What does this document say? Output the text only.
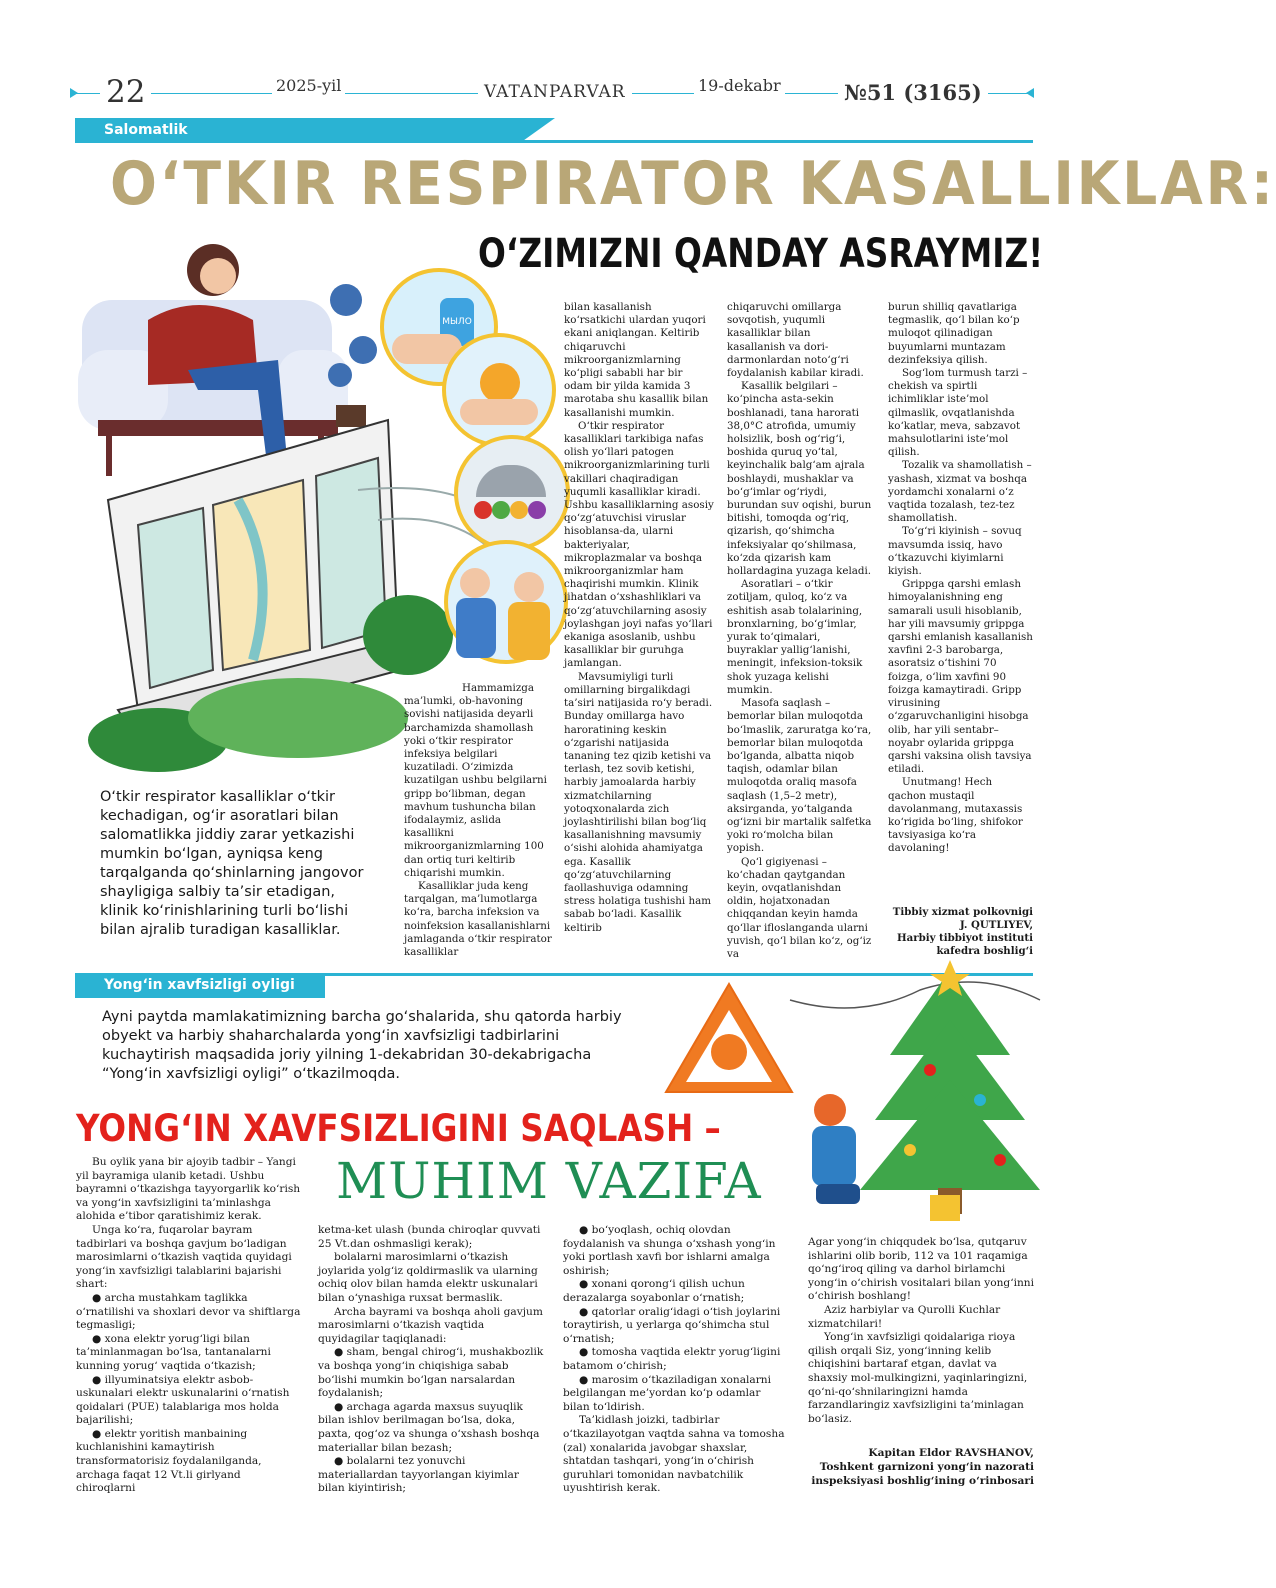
22	2025-yil	VATANPARVAR	19-dekabr	№51 (3165)
Salomatlik
O‘TKIR RESPIRATOR KASALLIKLAR:
O‘ZIMIZNI QANDAY ASRAYMIZ!
МЫЛО

Hammamizga ma’lumki, ob-havoning sovishi natijasida deyarli barchamizda shamollash yoki o‘tkir respirator infeksiya belgilari kuzatiladi. O‘zimizda kuzatilgan ushbu belgilarni gripp bo‘libman, degan mavhum tushuncha bilan ifodalaymiz, aslida kasallikni mikroorganizmlarning 100 dan ortiq turi keltirib chiqarishi mumkin.

Kasalliklar juda keng tarqalgan, ma’lumotlarga ko‘ra, barcha infeksion va noinfeksion kasallanishlarni jamlaganda o‘tkir respirator kasalliklar

bilan kasallanish ko‘rsatkichi ulardan yuqori ekani aniqlangan. Keltirib chiqaruvchi mikroorganizmlarning ko‘pligi sababli har bir odam bir yilda kamida 3 marotaba shu kasallik bilan kasallanishi mumkin.

O‘tkir respirator kasalliklari tarkibiga nafas olish yo‘llari patogen mikroorganizmlarining turli vakillari chaqiradigan yuqumli kasalliklar kiradi. Ushbu kasalliklarning asosiy qo‘zg‘atuvchisi viruslar hisoblansa-da, ularni bakteriyalar, mikroplazmalar va boshqa mikroorganizmlar ham chaqirishi mumkin. Klinik jihatdan o‘xshashliklari va qo‘zg‘atuvchilarning asosiy joylashgan joyi nafas yo‘llari ekaniga asoslanib, ushbu kasalliklar bir guruhga jamlangan.

Mavsumiyligi turli omillarning birgalikdagi ta’siri natijasida ro‘y beradi. Bunday omillarga havo haroratining keskin o‘zgarishi natijasida tananing tez qizib ketishi va terlash, tez sovib ketishi, harbiy jamoalarda harbiy xizmatchilarning yotoqxonalarda zich joylashtirilishi bilan bog‘liq kasallanishning mavsumiy o‘sishi alohida ahamiyatga ega. Kasallik qo‘zg‘atuvchilarning faollashuviga odamning stress holatiga tushishi ham sabab bo‘ladi. Kasallik keltirib

chiqaruvchi omillarga sovqotish, yuqumli kasalliklar bilan kasallanish va dori-darmonlardan noto‘g‘ri foydalanish kabilar kiradi.

Kasallik belgilari – ko‘pincha asta-sekin boshlanadi, tana harorati 38,0°C atrofida, umumiy holsizlik, bosh og‘rig‘i, boshida quruq yo‘tal, keyinchalik balg‘am ajrala boshlaydi, mushaklar va bo‘g‘imlar og‘riydi, burundan suv oqishi, burun bitishi, tomoqda og‘riq, qizarish, qo‘shimcha infeksiyalar qo‘shilmasa, ko‘zda qizarish kam hollardagina yuzaga keladi.

Asoratlari – o‘tkir zotiljam, quloq, ko‘z va eshitish asab tolalarining, bronxlarning, bo‘g‘imlar, yurak to‘qimalari, buyraklar yallig‘lanishi, meningit, infeksion-toksik shok yuzaga kelishi mumkin.

Masofa saqlash – bemorlar bilan muloqotda bo‘lmaslik, zaruratga ko‘ra, bemorlar bilan muloqotda bo‘lganda, albatta niqob taqish, odamlar bilan muloqotda oraliq masofa saqlash (1,5–2 metr), aksirganda, yo‘talganda og‘izni bir martalik salfetka yoki ro‘molcha bilan yopish.

Qo‘l gigiyenasi – ko‘chadan qaytgandan keyin, ovqatlanishdan oldin, hojatxonadan chiqqandan keyin hamda qo‘llar ifloslanganda ularni yuvish, qo‘l bilan ko‘z, og‘iz va

burun shilliq qavatlariga tegmaslik, qo‘l bilan ko‘p muloqot qilinadigan buyumlarni muntazam dezinfeksiya qilish.

Sog‘lom turmush tarzi – chekish va spirtli ichimliklar iste’mol qilmaslik, ovqatlanishda ko‘katlar, meva, sabzavot mahsulotlarini iste’mol qilish.

Tozalik va shamollatish – yashash, xizmat va boshqa yordamchi xonalarni o‘z vaqtida tozalash, tez-tez shamollatish.

To‘g‘ri kiyinish – sovuq mavsumda issiq, havo o‘tkazuvchi kiyimlarni kiyish.

Grippga qarshi emlash himoyalanishning eng samarali usuli hisoblanib, har yili mavsumiy grippga qarshi emlanish kasallanish xavfini 2-3 barobarga, asoratsiz o‘tishini 70 foizga, o‘lim xavfini 90 foizga kamaytiradi. Gripp virusining o‘zgaruvchanligini hisobga olib, har yili sentabr–noyabr oylarida grippga qarshi vaksina olish tavsiya etiladi.

Unutmang! Hech qachon mustaqil davolanmang, mutaxassis ko‘rigida bo‘ling, shifokor tavsiyasiga ko‘ra davolaning!

Tibbiy xizmat polkovnigi
J. QUTLIYEV,
Harbiy tibbiyot instituti
kafedra boshlig‘i
O‘tkir respirator kasalliklar o‘tkir kechadigan, og‘ir asoratlari bilan salomatlikka jiddiy zarar yetkazishi mumkin bo‘lgan, ayniqsa keng tarqalganda qo‘shinlarning jangovor shayligiga salbiy ta’sir etadigan, klinik ko‘rinishlarining turli bo‘lishi bilan ajralib turadigan kasalliklar.
Yong‘in xavfsizligi oyligi
Ayni paytda mamlakatimizning barcha go‘shalarida, shu qatorda harbiy obyekt va harbiy shaharchalarda yong‘in xavfsizligi tadbirlarini kuchaytirish maqsadida joriy yilning 1-dekabridan 30-dekabrigacha “Yong‘in xavfsizligi oyligi” o‘tkazilmoqda.
YONG‘IN XAVFSIZLIGINI SAQLASH –
MUHIM VAZIFA

Bu oylik yana bir ajoyib tadbir – Yangi yil bayramiga ulanib ketadi. Ushbu bayramni o‘tkazishga tayyorgarlik ko‘rish va yong‘in xavfsizligini ta’minlashga alohida e’tibor qaratishimiz kerak.

Unga ko‘ra, fuqarolar bayram tadbirlari va boshqa gavjum bo‘ladigan marosimlarni o‘tkazish vaqtida quyidagi yong‘in xavfsizligi talablarini bajarishi shart:

● archa mustahkam taglikka o‘rnatilishi va shoxlari devor va shiftlarga tegmasligi;

● xona elektr yorug‘ligi bilan ta’minlanmagan bo‘lsa, tantanalarni kunning yorug‘ vaqtida o‘tkazish;

● illyuminatsiya elektr asbob-uskunalari elektr uskunalarini o‘rnatish qoidalari (PUE) talablariga mos holda bajarilishi;

● elektr yoritish manbaining kuchlanishini kamaytirish transformatorisiz foydalanilganda, archaga faqat 12 Vt.li girlyand chiroqlarni

ketma-ket ulash (bunda chiroqlar quvvati 25 Vt.dan oshmasligi kerak);

bolalarni marosimlarni o‘tkazish joylarida yolg‘iz qoldirmaslik va ularning ochiq olov bilan hamda elektr uskunalari bilan o‘ynashiga ruxsat bermaslik.

Archa bayrami va boshqa aholi gavjum marosimlarni o‘tkazish vaqtida quyidagilar taqiqlanadi:

● sham, bengal chirog‘i, mushakbozlik va boshqa yong‘in chiqishiga sabab bo‘lishi mumkin bo‘lgan narsalardan foydalanish;

● archaga agarda maxsus suyuqlik bilan ishlov berilmagan bo‘lsa, doka, paxta, qog‘oz va shunga o‘xshash boshqa materiallar bilan bezash;

● bolalarni tez yonuvchi materiallardan tayyorlangan kiyimlar bilan kiyintirish;

● bo‘yoqlash, ochiq olovdan foydalanish va shunga o‘xshash yong‘in yoki portlash xavfi bor ishlarni amalga oshirish;

● xonani qorong‘i qilish uchun derazalarga soyabonlar o‘rnatish;

● qatorlar oralig‘idagi o‘tish joylarini toraytirish, u yerlarga qo‘shimcha stul o‘rnatish;

● tomosha vaqtida elektr yorug‘ligini batamom o‘chirish;

● marosim o‘tkaziladigan xonalarni belgilangan me’yordan ko‘p odamlar bilan to‘ldirish.

Ta’kidlash joizki, tadbirlar o‘tkazilayotgan vaqtda sahna va tomosha (zal) xonalarida javobgar shaxslar, shtatdan tashqari, yong‘in o‘chirish guruhlari tomonidan navbatchilik uyushtirish kerak.

Agar yong‘in chiqqudek bo‘lsa, qutqaruv ishlarini olib borib, 112 va 101 raqamiga qo‘ng‘iroq qiling va darhol birlamchi yong‘in o‘chirish vositalari bilan yong‘inni o‘chirish boshlang!

Aziz harbiylar va Qurolli Kuchlar xizmatchilari!

Yong‘in xavfsizligi qoidalariga rioya qilish orqali Siz, yong‘inning kelib chiqishini bartaraf etgan, davlat va shaxsiy mol-mulkingizni, yaqinlaringizni, qo‘ni-qo‘shnilaringizni hamda farzandlaringiz xavfsizligini ta’minlagan bo‘lasiz.

Kapitan Eldor RAVSHANOV,
Toshkent garnizoni yong‘in nazorati
inspeksiyasi boshlig‘ining o‘rinbosari
